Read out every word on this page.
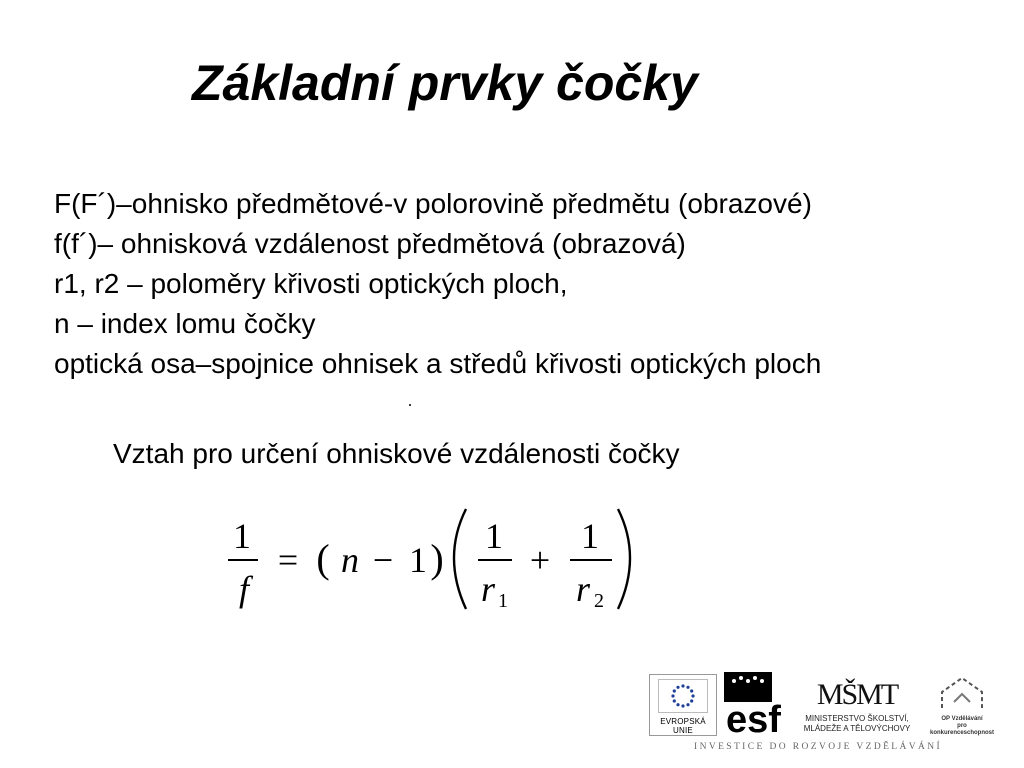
Základní prvky čočky
F(F´)–ohnisko předmětové-v polorovině předmětu (obrazové)
f(f´)– ohnisková vzdálenost předmětová (obrazová)
r1, r2 – poloměry křivosti optických ploch,
n – index lomu čočky
optická osa–spojnice ohnisek a středů křivosti optických ploch
Vztah pro určení ohniskové vzdálenosti čočky
1
f
= ( n − 1 ) 1
r 1
+
1
r 2
EVROPSKÁ UNIE esf
MŠMT
MINISTERSTVO ŠKOLSTVÍ,
MLÁDEŽE A TĚLOVÝCHOVY
OP Vzdělávání
pro konkurenceschopnost
INVESTICE DO ROZVOJE VZDĚLÁVÁNÍ
